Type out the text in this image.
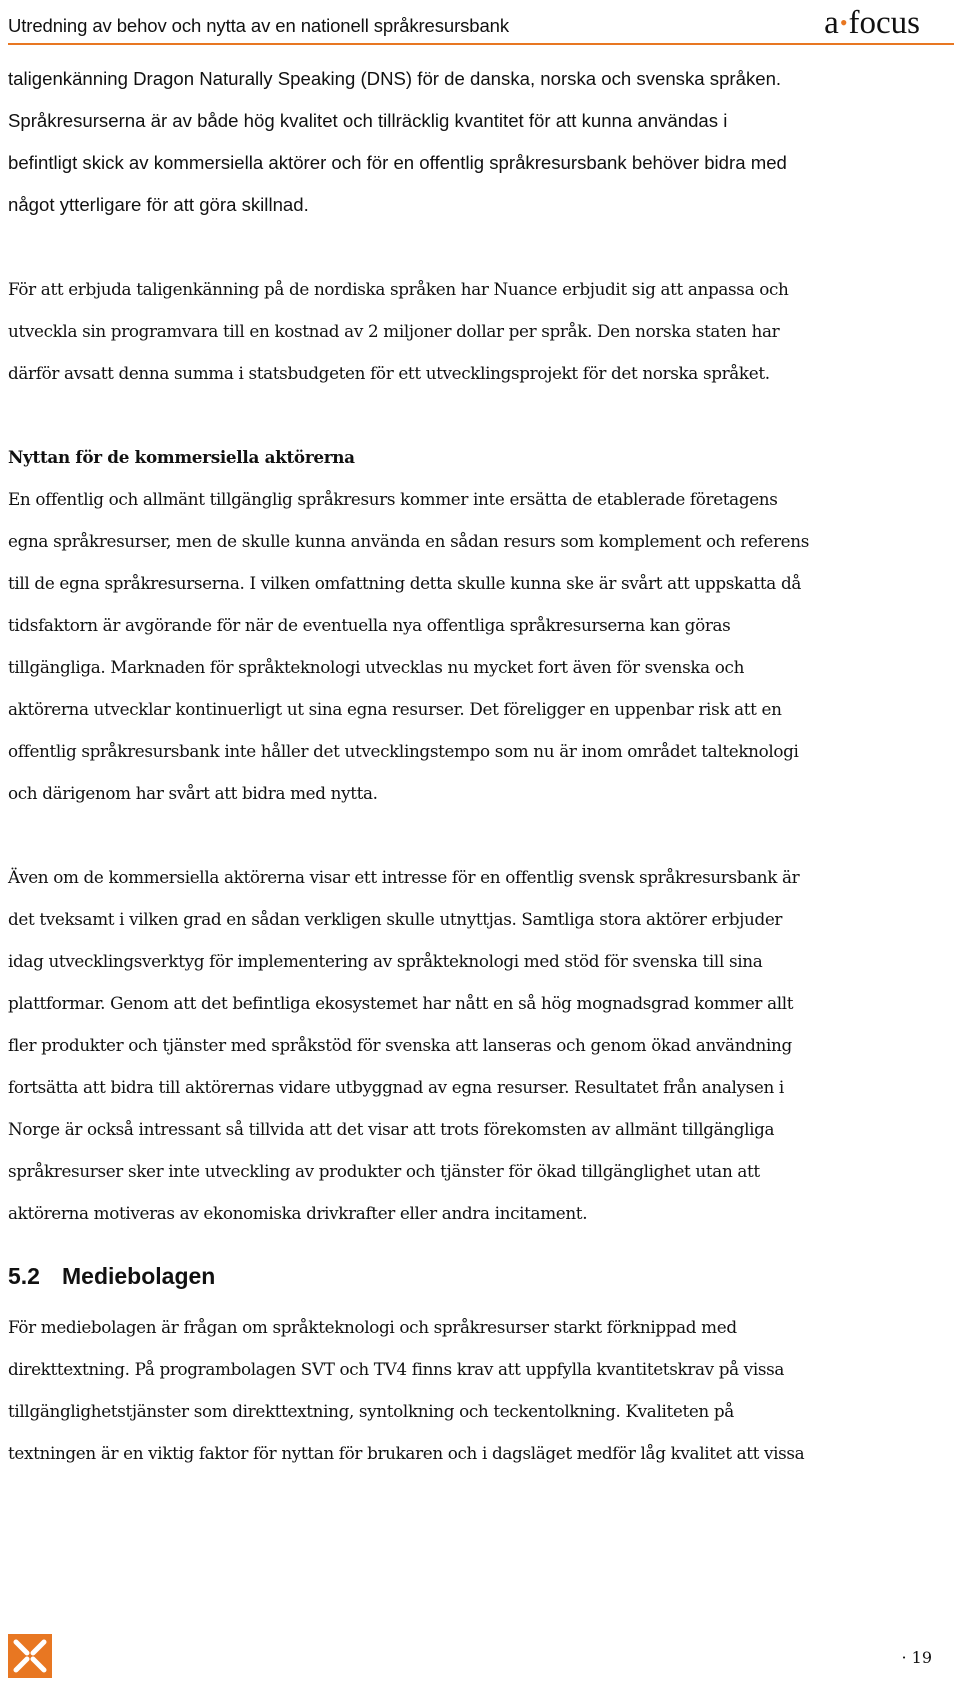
Utredning av behov och nytta av en nationell språkresursbank	a•focus
taligenkänning Dragon Naturally Speaking (DNS) för de danska, norska och svenska språken.
Språkresurserna är av både hög kvalitet och tillräcklig kvantitet för att kunna användas i
befintligt skick av kommersiella aktörer och för en offentlig språkresursbank behöver bidra med
något ytterligare för att göra skillnad.
För att erbjuda taligenkänning på de nordiska språken har Nuance erbjudit sig att anpassa och
utveckla sin programvara till en kostnad av 2 miljoner dollar per språk. Den norska staten har
därför avsatt denna summa i statsbudgeten för ett utvecklingsprojekt för det norska språket.
Nyttan för de kommersiella aktörerna
En offentlig och allmänt tillgänglig språkresurs kommer inte ersätta de etablerade företagens
egna språkresurser, men de skulle kunna använda en sådan resurs som komplement och referens
till de egna språkresurserna. I vilken omfattning detta skulle kunna ske är svårt att uppskatta då
tidsfaktorn är avgörande för när de eventuella nya offentliga språkresurserna kan göras
tillgängliga. Marknaden för språkteknologi utvecklas nu mycket fort även för svenska och
aktörerna utvecklar kontinuerligt ut sina egna resurser. Det föreligger en uppenbar risk att en
offentlig språkresursbank inte håller det utvecklingstempo som nu är inom området talteknologi
och därigenom har svårt att bidra med nytta.
Även om de kommersiella aktörerna visar ett intresse för en offentlig svensk språkresursbank är
det tveksamt i vilken grad en sådan verkligen skulle utnyttjas. Samtliga stora aktörer erbjuder
idag utvecklingsverktyg för implementering av språkteknologi med stöd för svenska till sina
plattformar. Genom att det befintliga ekosystemet har nått en så hög mognadsgrad kommer allt
fler produkter och tjänster med språkstöd för svenska att lanseras och genom ökad användning
fortsätta att bidra till aktörernas vidare utbyggnad av egna resurser. Resultatet från analysen i
Norge är också intressant så tillvida att det visar att trots förekomsten av allmänt tillgängliga
språkresurser sker inte utveckling av produkter och tjänster för ökad tillgänglighet utan att
aktörerna motiveras av ekonomiska drivkrafter eller andra incitament.
5.2 Mediebolagen
För mediebolagen är frågan om språkteknologi och språkresurser starkt förknippad med
direkttextning. På programbolagen SVT och TV4 finns krav att uppfylla kvantitetskrav på vissa
tillgänglighetstjänster som direkttextning, syntolkning och teckentolkning. Kvaliteten på
textningen är en viktig faktor för nyttan för brukaren och i dagsläget medför låg kvalitet att vissa
· 19
